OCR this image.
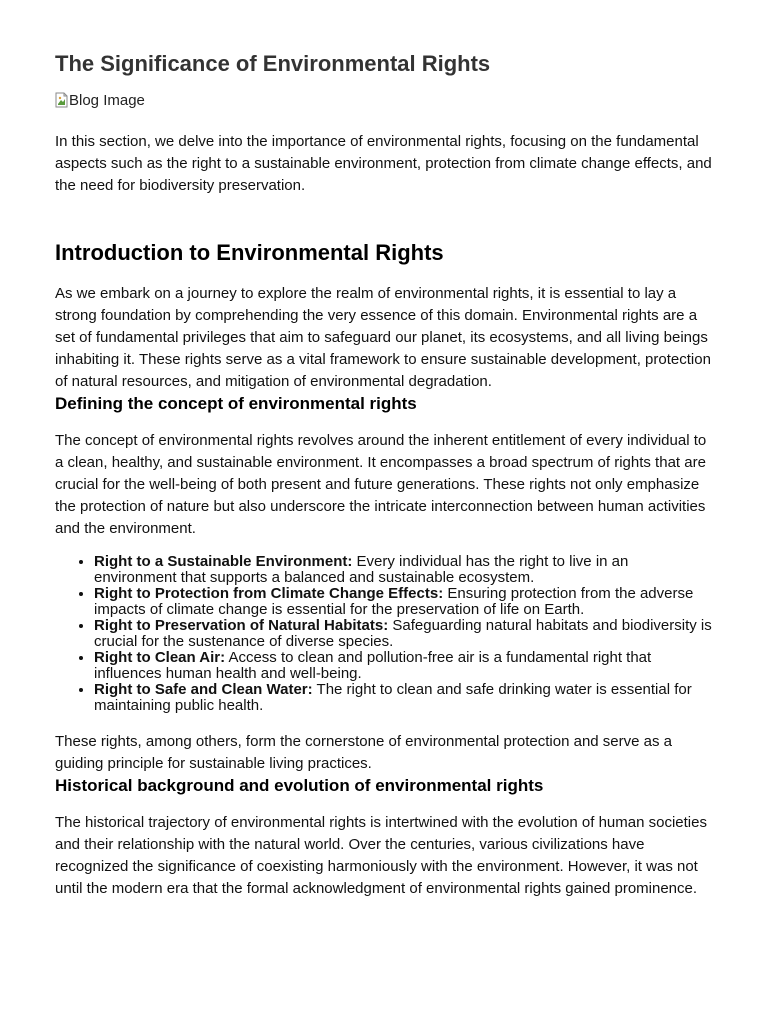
The Significance of Environmental Rights
Blog Image

In this section, we delve into the importance of environmental rights, focusing on the fundamental aspects such as the right to a sustainable environment, protection from climate change effects, and the need for biodiversity preservation.

Introduction to Environmental Rights

As we embark on a journey to explore the realm of environmental rights, it is essential to lay a strong foundation by comprehending the very essence of this domain. Environmental rights are a set of fundamental privileges that aim to safeguard our planet, its ecosystems, and all living beings inhabiting it. These rights serve as a vital framework to ensure sustainable development, protection of natural resources, and mitigation of environmental degradation.

Defining the concept of environmental rights

The concept of environmental rights revolves around the inherent entitlement of every individual to a clean, healthy, and sustainable environment. It encompasses a broad spectrum of rights that are crucial for the well-being of both present and future generations. These rights not only emphasize the protection of nature but also underscore the intricate interconnection between human activities and the environment.

• Right to a Sustainable Environment: Every individual has the right to live in an environment that supports a balanced and sustainable ecosystem.
• Right to Protection from Climate Change Effects: Ensuring protection from the adverse impacts of climate change is essential for the preservation of life on Earth.
• Right to Preservation of Natural Habitats: Safeguarding natural habitats and biodiversity is crucial for the sustenance of diverse species.
• Right to Clean Air: Access to clean and pollution-free air is a fundamental right that influences human health and well-being.
• Right to Safe and Clean Water: The right to clean and safe drinking water is essential for maintaining public health.

These rights, among others, form the cornerstone of environmental protection and serve as a guiding principle for sustainable living practices.

Historical background and evolution of environmental rights

The historical trajectory of environmental rights is intertwined with the evolution of human societies and their relationship with the natural world. Over the centuries, various civilizations have recognized the significance of coexisting harmoniously with the environment. However, it was not until the modern era that the formal acknowledgment of environmental rights gained prominence.
